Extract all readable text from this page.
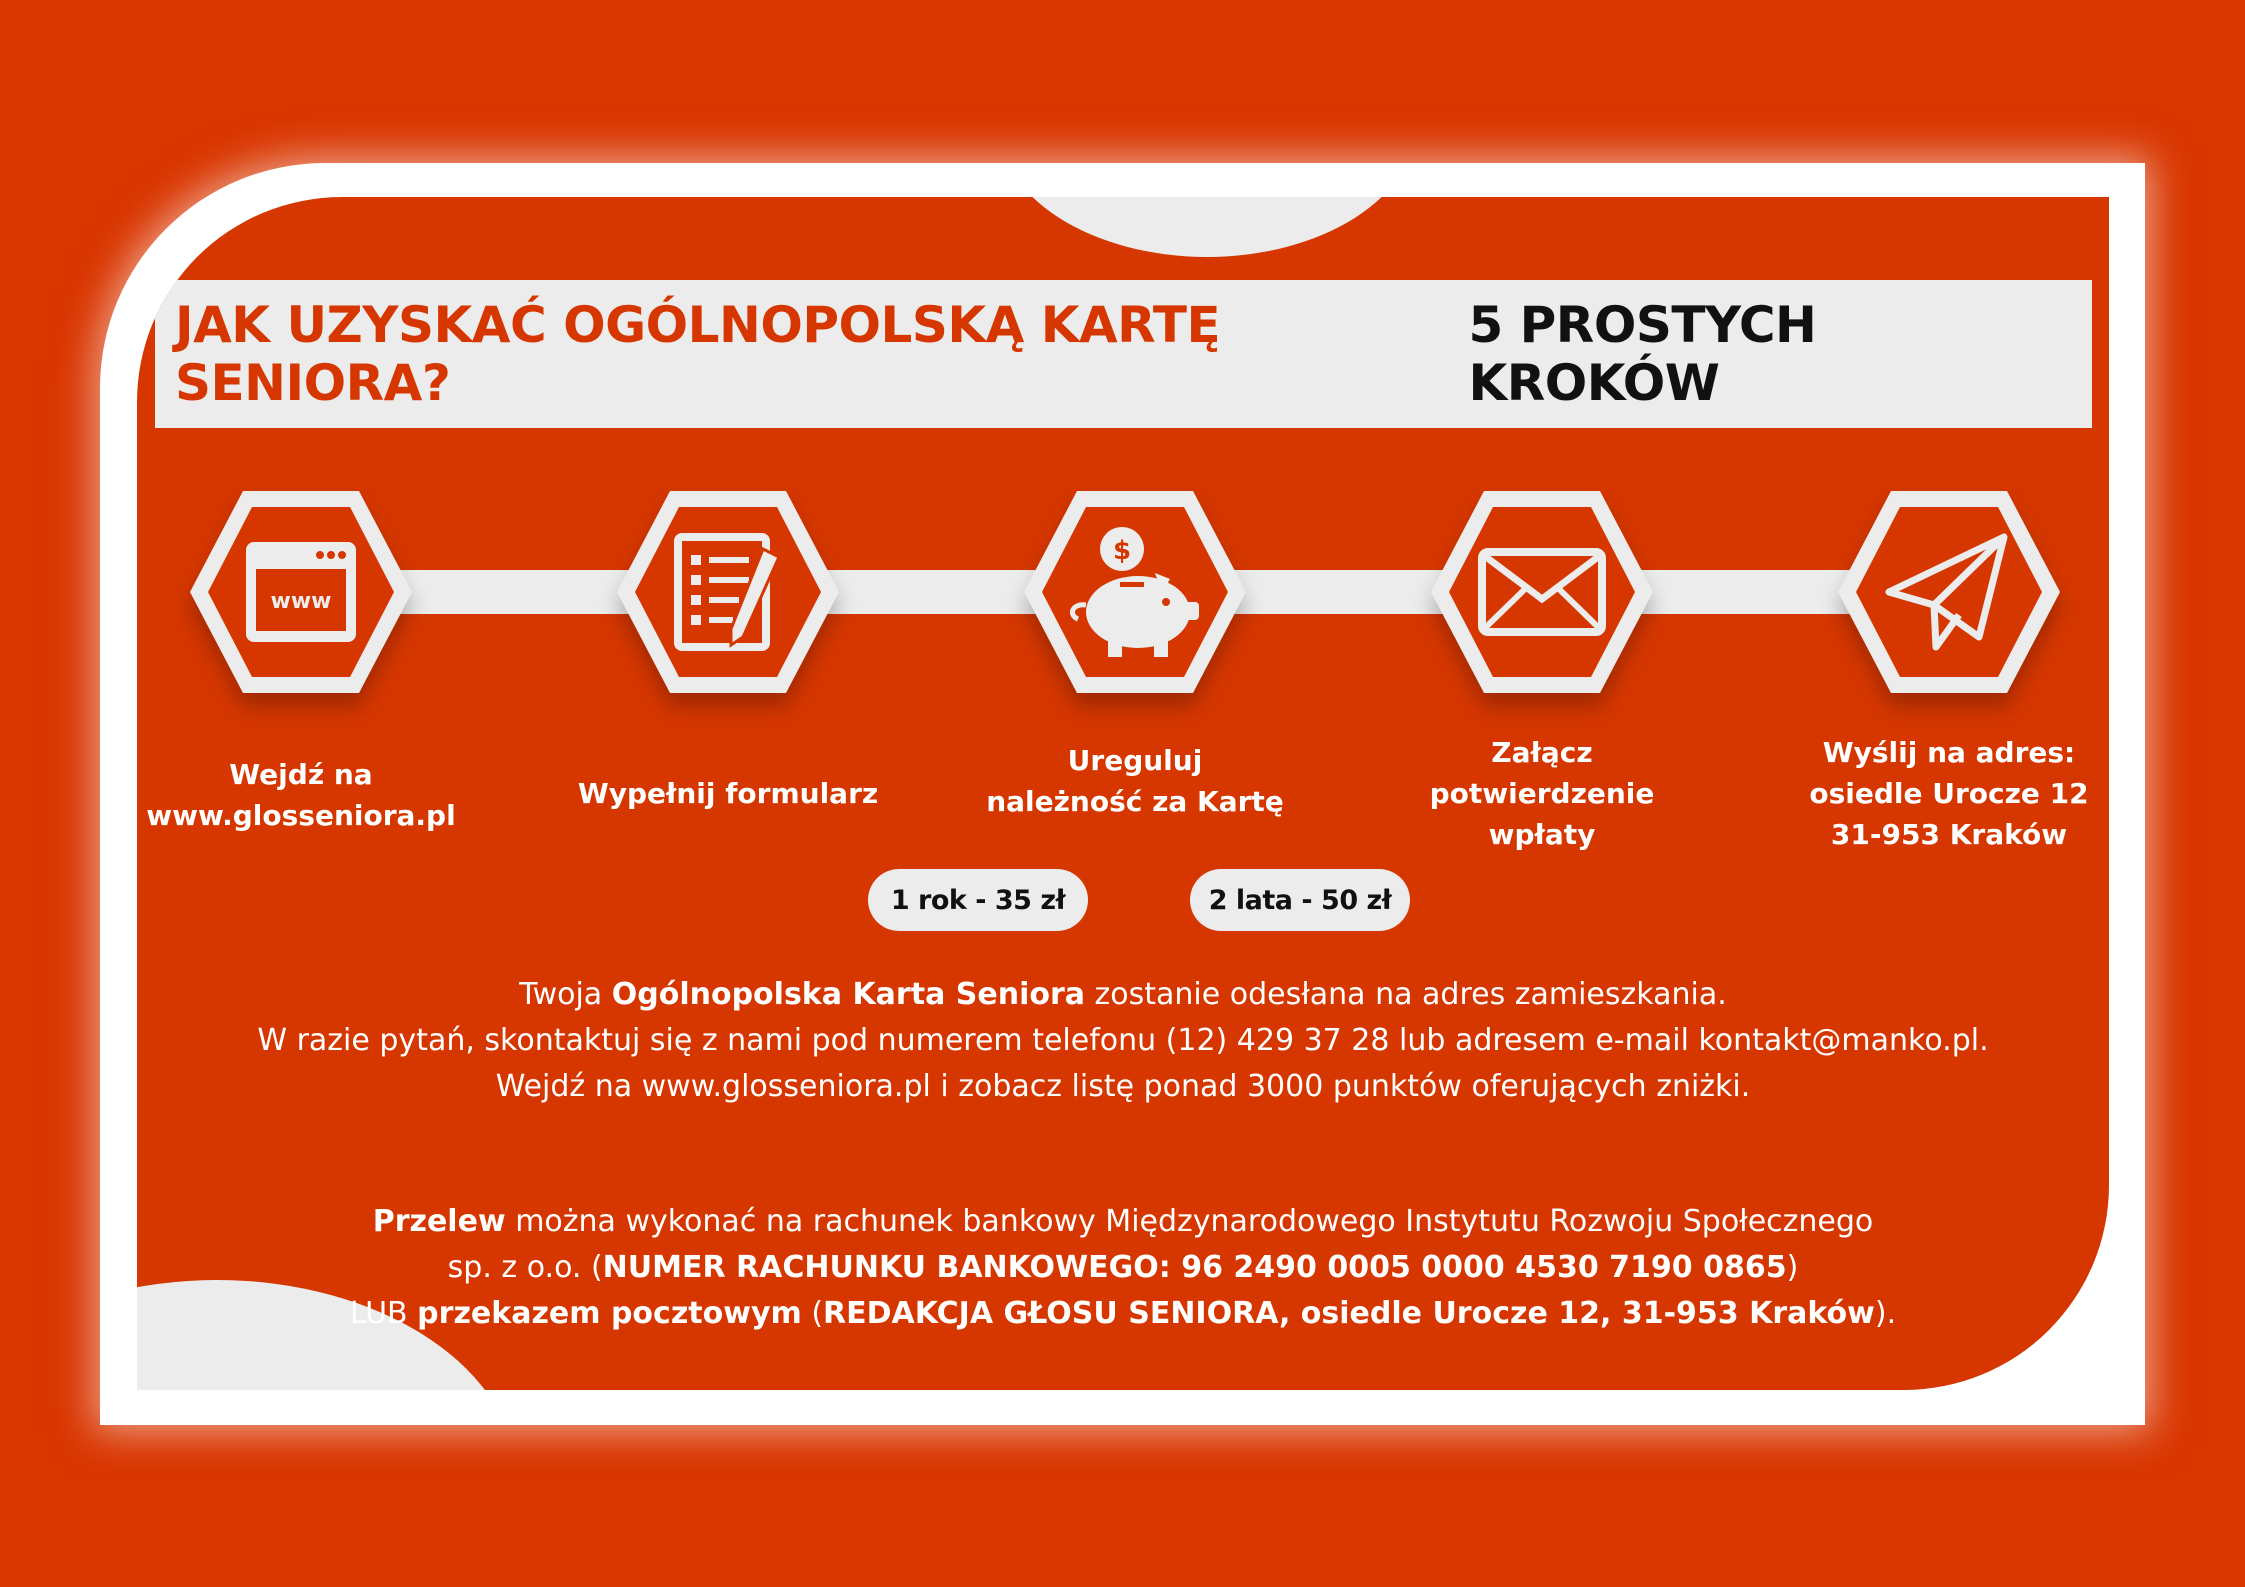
JAK UZYSKAĆ OGÓLNOPOLSKĄ KARTĘ SENIORA?
5 PROSTYCH KROKÓW
www
$
Wejdź na
www.glosseniora.pl
Wypełnij formularz
Ureguluj
należność za Kartę
Załącz
potwierdzenie
wpłaty
Wyślij na adres:
osiedle Urocze 12
31-953 Kraków
1 rok - 35 zł	2 lata - 50 zł
Twoja Ogólnopolska Karta Seniora zostanie odesłana na adres zamieszkania.
W razie pytań, skontaktuj się z nami pod numerem telefonu (12) 429 37 28 lub adresem e-mail kontakt@manko.pl.
Wejdź na www.glosseniora.pl i zobacz listę ponad 3000 punktów oferujących zniżki.
Przelew można wykonać na rachunek bankowy Międzynarodowego Instytutu Rozwoju Społecznego
sp. z o.o. (NUMER RACHUNKU BANKOWEGO: 96 2490 0005 0000 4530 7190 0865)
LUB przekazem pocztowym (REDAKCJA GŁOSU SENIORA, osiedle Urocze 12, 31-953 Kraków).
